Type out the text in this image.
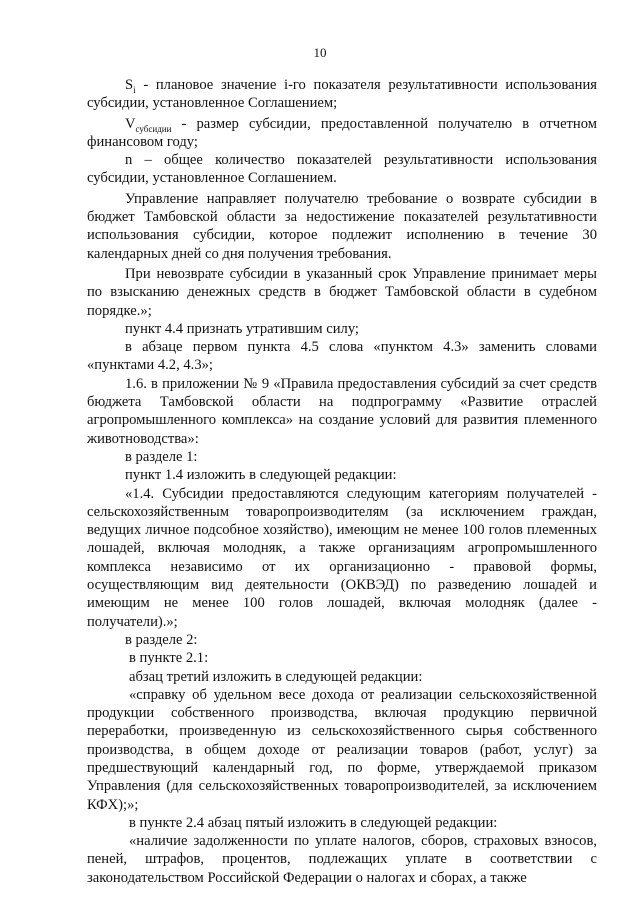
10

$S_i$ - плановое значение i-го показателя результативности использования субсидии, установленное Соглашением;

$V_{субсидии}$ - размер субсидии, предоставленной получателю в отчетном финансовом году;

n – общее количество показателей результативности использования субсидии, установленное Соглашением.

Управление направляет получателю требование о возврате субсидии в бюджет Тамбовской области за недостижение показателей результативности использования субсидии, которое подлежит исполнению в течение 30 календарных дней со дня получения требования.

При невозврате субсидии в указанный срок Управление принимает меры по взысканию денежных средств в бюджет Тамбовской области в судебном порядке.»;

пункт 4.4 признать утратившим силу;

в абзаце первом пункта 4.5 слова «пунктом 4.3» заменить словами «пунктами 4.2, 4.3»;

1.6. в приложении № 9 «Правила предоставления субсидий за счет средств бюджета Тамбовской области на подпрограмму «Развитие отраслей агропромышленного комплекса» на создание условий для развития племенного животноводства»:

в разделе 1:

пункт 1.4 изложить в следующей редакции:

«1.4. Субсидии предоставляются следующим категориям получателей - сельскохозяйственным товаропроизводителям (за исключением граждан, ведущих личное подсобное хозяйство), имеющим не менее 100 голов племенных лошадей, включая молодняк, а также организациям агропромышленного комплекса независимо от их организационно - правовой формы, осуществляющим вид деятельности (ОКВЭД) по разведению лошадей и имеющим не менее 100 голов лошадей, включая молодняк (далее - получатели).»;

в разделе 2:

в пункте 2.1:

абзац третий изложить в следующей редакции:

«справку об удельном весе дохода от реализации сельскохозяйственной продукции собственного производства, включая продукцию первичной переработки, произведенную из сельскохозяйственного сырья собственного производства, в общем доходе от реализации товаров (работ, услуг) за предшествующий календарный год, по форме, утверждаемой приказом Управления (для сельскохозяйственных товаропроизводителей, за исключением КФХ);»;

в пункте 2.4 абзац пятый изложить в следующей редакции:

«наличие задолженности по уплате налогов, сборов, страховых взносов, пеней, штрафов, процентов, подлежащих уплате в соответствии с законодательством Российской Федерации о налогах и сборах, а также
